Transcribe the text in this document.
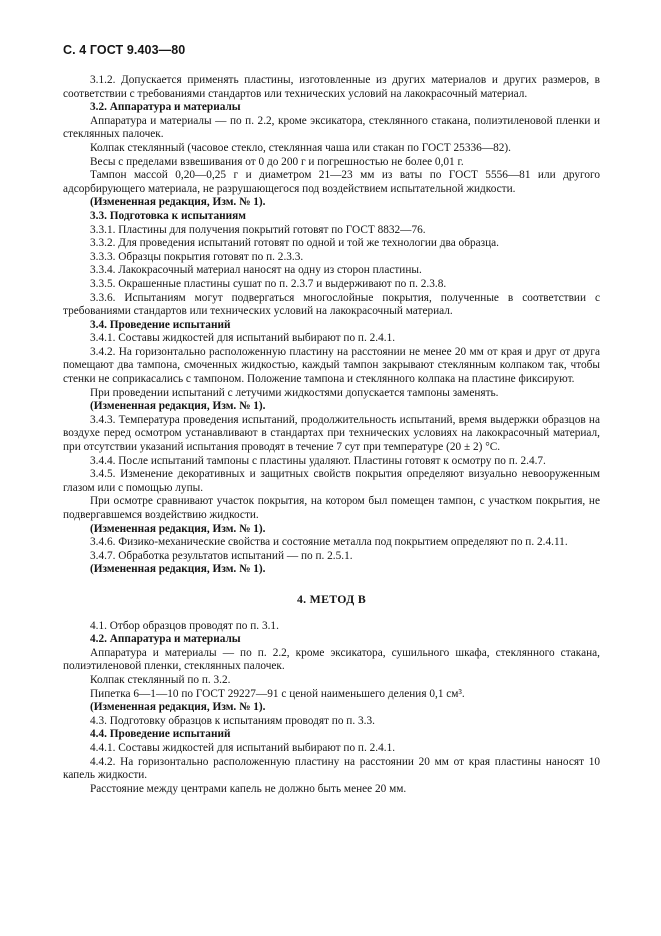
С. 4 ГОСТ 9.403—80

3.1.2. Допускается применять пластины, изготовленные из других материалов и других размеров, в соответствии с требованиями стандартов или технических условий на лакокрасочный материал.

3.2. Аппаратура и материалы

Аппаратура и материалы — по п. 2.2, кроме эксикатора, стеклянного стакана, полиэтиленовой пленки и стеклянных палочек.

Колпак стеклянный (часовое стекло, стеклянная чаша или стакан по ГОСТ 25336—82).

Весы с пределами взвешивания от 0 до 200 г и погрешностью не более 0,01 г.

Тампон массой 0,20—0,25 г и диаметром 21—23 мм из ваты по ГОСТ 5556—81 или другого адсорбирующего материала, не разрушающегося под воздействием испытательной жидкости.

(Измененная редакция, Изм. № 1).

3.3. Подготовка к испытаниям

3.3.1. Пластины для получения покрытий готовят по ГОСТ 8832—76.

3.3.2. Для проведения испытаний готовят по одной и той же технологии два образца.

3.3.3. Образцы покрытия готовят по п. 2.3.3.

3.3.4. Лакокрасочный материал наносят на одну из сторон пластины.

3.3.5. Окрашенные пластины сушат по п. 2.3.7 и выдерживают по п. 2.3.8.

3.3.6. Испытаниям могут подвергаться многослойные покрытия, полученные в соответствии с требованиями стандартов или технических условий на лакокрасочный материал.

3.4. Проведение испытаний

3.4.1. Составы жидкостей для испытаний выбирают по п. 2.4.1.

3.4.2. На горизонтально расположенную пластину на расстоянии не менее 20 мм от края и друг от друга помещают два тампона, смоченных жидкостью, каждый тампон закрывают стеклянным колпаком так, чтобы стенки не соприкасались с тампоном. Положение тампона и стеклянного колпака на пластине фиксируют.

При проведении испытаний с летучими жидкостями допускается тампоны заменять.

(Измененная редакция, Изм. № 1).

3.4.3. Температура проведения испытаний, продолжительность испытаний, время выдержки образцов на воздухе перед осмотром устанавливают в стандартах при технических условиях на лакокрасочный материал, при отсутствии указаний испытания проводят в течение 7 сут при температуре (20 ± 2) °С.

3.4.4. После испытаний тампоны с пластины удаляют. Пластины готовят к осмотру по п. 2.4.7.

3.4.5. Изменение декоративных и защитных свойств покрытия определяют визуально невооруженным глазом или с помощью лупы.

При осмотре сравнивают участок покрытия, на котором был помещен тампон, с участком покрытия, не подвергавшемся воздействию жидкости.

(Измененная редакция, Изм. № 1).

3.4.6. Физико-механические свойства и состояние металла под покрытием определяют по п. 2.4.11.

3.4.7. Обработка результатов испытаний — по п. 2.5.1.

(Измененная редакция, Изм. № 1).

4. МЕТОД В

4.1. Отбор образцов проводят по п. 3.1.

4.2. Аппаратура и материалы

Аппаратура и материалы — по п. 2.2, кроме эксикатора, сушильного шкафа, стеклянного стакана, полиэтиленовой пленки, стеклянных палочек.

Колпак стеклянный по п. 3.2.

Пипетка 6—1—10 по ГОСТ 29227—91 с ценой наименьшего деления 0,1 см³.

(Измененная редакция, Изм. № 1).

4.3. Подготовку образцов к испытаниям проводят по п. 3.3.

4.4. Проведение испытаний

4.4.1. Составы жидкостей для испытаний выбирают по п. 2.4.1.

4.4.2. На горизонтально расположенную пластину на расстоянии 20 мм от края пластины наносят 10 капель жидкости.

Расстояние между центрами капель не должно быть менее 20 мм.
